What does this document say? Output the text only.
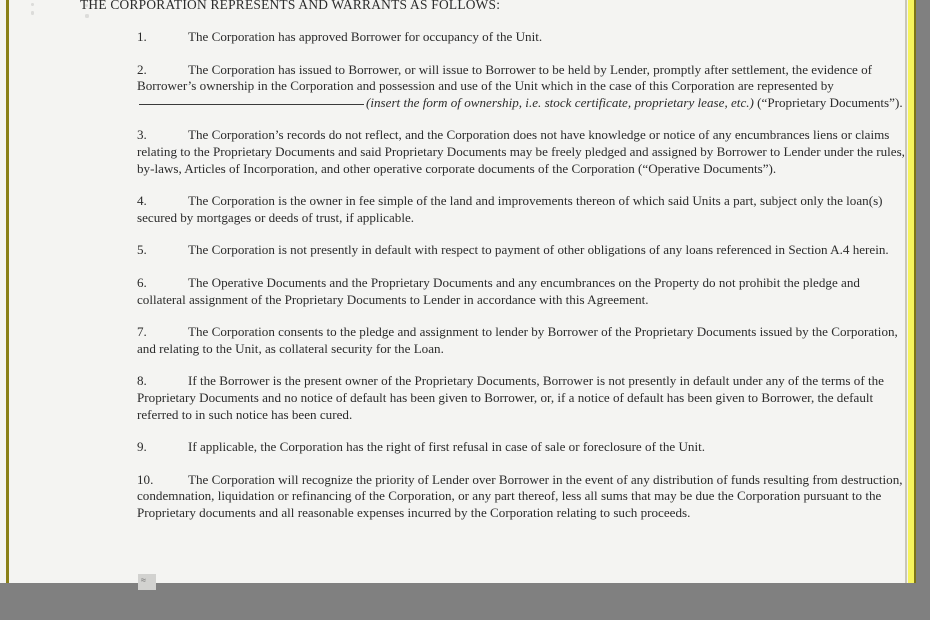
THE CORPORATION REPRESENTS AND WARRANTS AS FOLLOWS:

1.	The Corporation has approved Borrower for occupancy of the Unit.

2.	The Corporation has issued to Borrower, or will issue to Borrower to be held by Lender, promptly after settlement, the evidence of Borrower’s ownership in the Corporation and possession and use of the Unit which in the case of this Corporation are represented by (insert the form of ownership, i.e. stock certificate, proprietary lease, etc.) (“Proprietary Documents”).

3.	The Corporation’s records do not reflect, and the Corporation does not have knowledge or notice of any encumbrances liens or claims relating to the Proprietary Documents and said Proprietary Documents may be freely pledged and assigned by Borrower to Lender under the rules, by-laws, Articles of Incorporation, and other operative corporate documents of the Corporation (“Operative Documents”).

4.	The Corporation is the owner in fee simple of the land and improvements thereon of which said Units a part, subject only the loan(s) secured by mortgages or deeds of trust, if applicable.

5.	The Corporation is not presently in default with respect to payment of other obligations of any loans referenced in Section A.4 herein.

6.	The Operative Documents and the Proprietary Documents and any encumbrances on the Property do not prohibit the pledge and collateral assignment of the Proprietary Documents to Lender in accordance with this Agreement.

7.	The Corporation consents to the pledge and assignment to lender by Borrower of the Proprietary Documents issued by the Corporation, and relating to the Unit, as collateral security for the Loan.

8.	If the Borrower is the present owner of the Proprietary Documents, Borrower is not presently in default under any of the terms of the Proprietary Documents and no notice of default has been given to Borrower, or, if a notice of default has been given to Borrower, the default referred to in such notice has been cured.

9.	If applicable, the Corporation has the right of first refusal in case of sale or foreclosure of the Unit.

10.	The Corporation will recognize the priority of Lender over Borrower in the event of any distribution of funds resulting from destruction, condemnation, liquidation or refinancing of the Corporation, or any part thereof, less all sums that may be due the Corporation pursuant to the Proprietary documents and all reasonable expenses incurred by the Corporation relating to such proceeds.

≈
